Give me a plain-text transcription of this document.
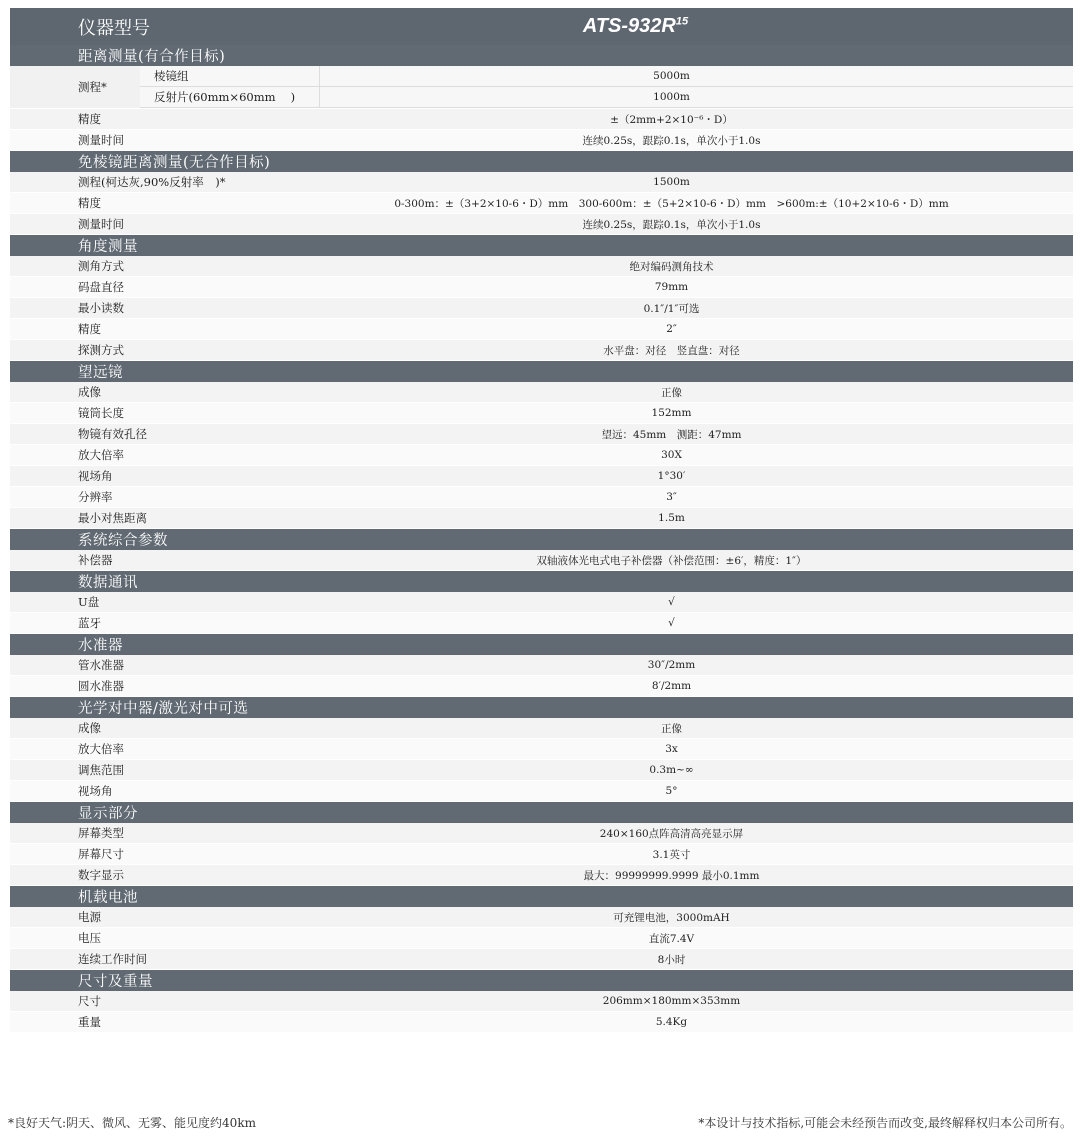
仪器型号	ATS-$932R^{15}$
距离测量(有合作目标)
测程*
棱镜组	5000m
反射片(60mm×60mm　 )	1000m
精度	±（2mm+2×10⁻⁶・D）
测量时间	连续0.25s，跟踪0.1s，单次小于1.0s
免棱镜距离测量(无合作目标)
测程(柯达灰,90%反射率　)*	1500m
精度	0-300m：±（3+2×10-6・D）mm　300-600m：±（5+2×10-6・D）mm　>600m:±（10+2×10-6・D）mm
测量时间	连续0.25s，跟踪0.1s，单次小于1.0s
角度测量
测角方式	绝对编码测角技术
码盘直径	79mm
最小读数	0.1″/1″可选
精度	2″
探测方式	水平盘：对径　竖直盘：对径
望远镜
成像	正像
镜筒长度	152mm
物镜有效孔径	望远：45mm　测距：47mm
放大倍率	30X
视场角	1°30′
分辨率	3″
最小对焦距离	1.5m
系统综合参数
补偿器	双轴液体光电式电子补偿器（补偿范围：±6′，精度：1″）
数据通讯
U盘	√
蓝牙	√
水准器
管水准器	30″/2mm
圆水准器	8′/2mm
光学对中器/激光对中可选
成像	正像
放大倍率	3x
调焦范围	0.3m~∞
视场角	5°
显示部分
屏幕类型	240×160点阵高清高亮显示屏
屏幕尺寸	3.1英寸
数字显示	最大：99999999.9999 最小0.1mm
机载电池
电源	可充锂电池，3000mAH
电压	直流7.4V
连续工作时间	8小时
尺寸及重量
尺寸	206mm×180mm×353mm
重量	5.4Kg
*良好天气:阴天、微风、无雾、能见度约40km	*本设计与技术指标,可能会未经预告而改变,最终解释权归本公司所有。
